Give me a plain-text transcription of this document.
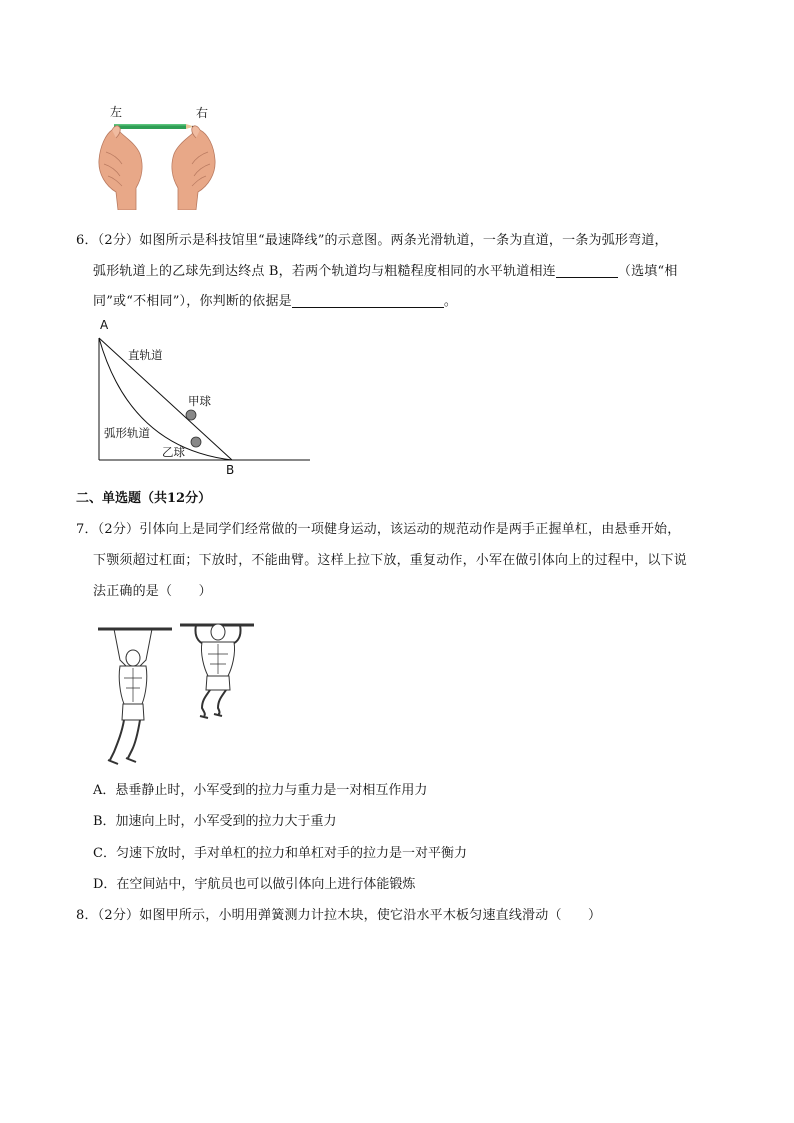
左	右
6．（2分）如图所示是科技馆里“最速降线”的示意图。两条光滑轨道，一条为直道，一条为弧形弯道，
弧形轨道上的乙球先到达终点 B，若两个轨道均与粗糙程度相同的水平轨道相连	（选填“相
同”或“不相同”），你判断的依据是	。
A
B
直轨道
甲球
弧形轨道
乙球
二、单选题（共12分）
7．（2分）引体向上是同学们经常做的一项健身运动，该运动的规范动作是两手正握单杠，由悬垂开始，
下颚须超过杠面；下放时，不能曲臂。这样上拉下放，重复动作，小军在做引体向上的过程中，以下说
法正确的是（　　）
A．悬垂静止时，小军受到的拉力与重力是一对相互作用力
B．加速向上时，小军受到的拉力大于重力
C．匀速下放时，手对单杠的拉力和单杠对手的拉力是一对平衡力
D．在空间站中，宇航员也可以做引体向上进行体能锻炼
8．（2分）如图甲所示，小明用弹簧测力计拉木块，使它沿水平木板匀速直线滑动（　　）
